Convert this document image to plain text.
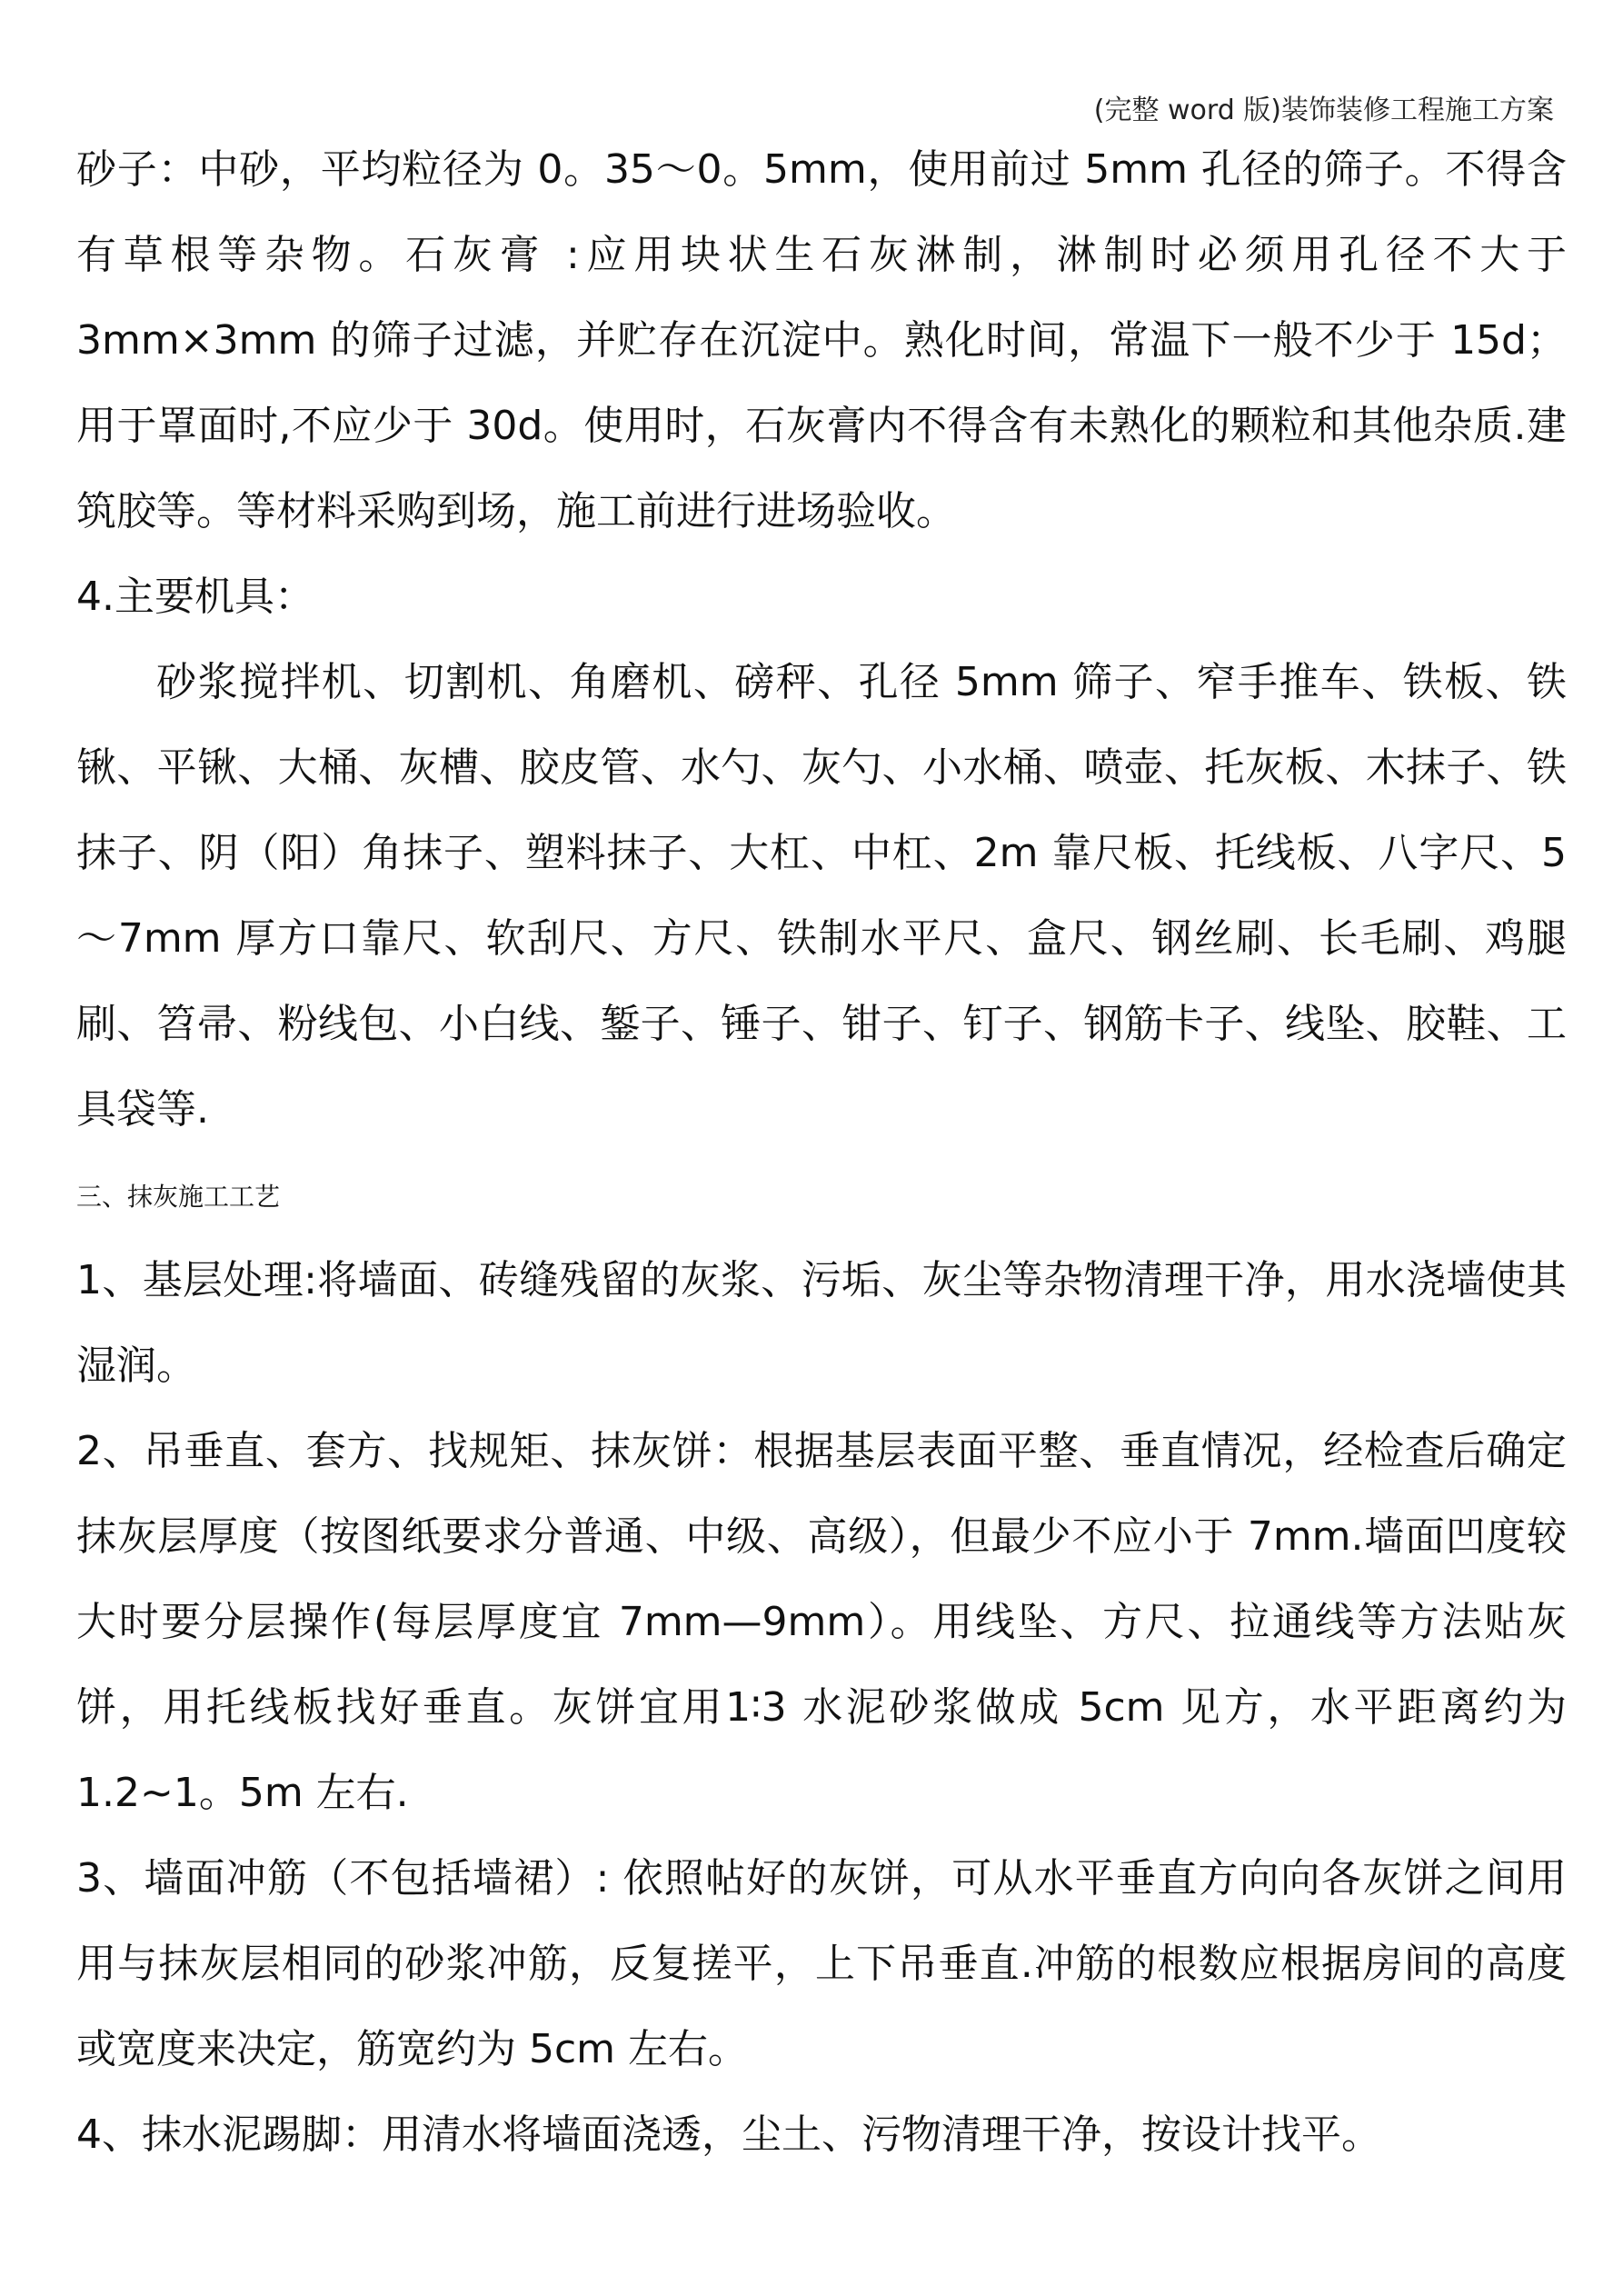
(完整 word 版)装饰装修工程施工方案

砂子：中砂，平均粒径为 0。35～0。5mm，使用前过 5mm 孔径的筛子。不得含有草根等杂物。石灰膏 :应用块状生石灰淋制，淋制时必须用孔径不大于 3mm×3mm 的筛子过滤，并贮存在沉淀中。熟化时间，常温下一般不少于 15d；用于罩面时,不应少于 30d。使用时，石灰膏内不得含有未熟化的颗粒和其他杂质.建筑胶等。等材料采购到场，施工前进行进场验收。

4.主要机具：

砂浆搅拌机、切割机、角磨机、磅秤、孔径 5mm 筛子、窄手推车、铁板、铁锹、平锹、大桶、灰槽、胶皮管、水勺、灰勺、小水桶、喷壶、托灰板、木抹子、铁抹子、阴（阳）角抹子、塑料抹子、大杠、中杠、2m 靠尺板、托线板、八字尺、5～7mm 厚方口靠尺、软刮尺、方尺、铁制水平尺、盒尺、钢丝刷、长毛刷、鸡腿刷、笤帚、粉线包、小白线、錾子、锤子、钳子、钉子、钢筋卡子、线坠、胶鞋、工具袋等.

三、抹灰施工工艺

1、基层处理:将墙面、砖缝残留的灰浆、污垢、灰尘等杂物清理干净，用水浇墙使其湿润。

2、吊垂直、套方、找规矩、抹灰饼：根据基层表面平整、垂直情况，经检查后确定抹灰层厚度（按图纸要求分普通、中级、高级），但最少不应小于 7mm.墙面凹度较大时要分层操作(每层厚度宜 7mm—9mm）。用线坠、方尺、拉通线等方法贴灰饼，用托线板找好垂直。灰饼宜用1∶3 水泥砂浆做成 5cm 见方，水平距离约为 1.2~1。5m 左右.

3、墙面冲筋（不包括墙裙）: 依照帖好的灰饼，可从水平垂直方向向各灰饼之间用用与抹灰层相同的砂浆冲筋，反复搓平，上下吊垂直.冲筋的根数应根据房间的高度或宽度来决定，筋宽约为 5cm 左右。

4、抹水泥踢脚：用清水将墙面浇透，尘土、污物清理干净，按设计找平。
